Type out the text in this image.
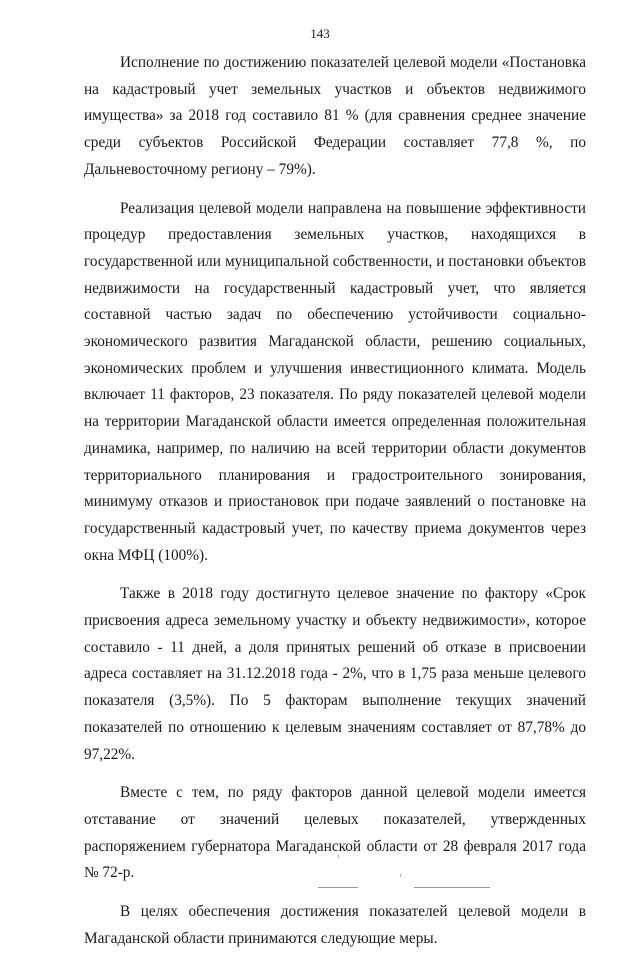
143

Исполнение по достижению показателей целевой модели «Постановка на кадастровый учет земельных участков и объектов недвижимого имущества» за 2018 год составило 81 % (для сравнения среднее значение среди субъектов Российской Федерации составляет 77,8 %, по Дальневосточному региону – 79%).

Реализация целевой модели направлена на повышение эффективности процедур предоставления земельных участков, находящихся в государственной или муниципальной собственности, и постановки объектов недвижимости на государственный кадастровый учет, что является составной частью задач по обеспечению устойчивости социально-экономического развития Магаданской области, решению социальных, экономических проблем и улучшения инвестиционного климата. Модель включает 11 факторов, 23 показателя. По ряду показателей целевой модели на территории Магаданской области имеется определенная положительная динамика, например, по наличию на всей территории области документов территориального планирования и градостроительного зонирования, минимуму отказов и приостановок при подаче заявлений о постановке на государственный кадастровый учет, по качеству приема документов через окна МФЦ (100%).

Также в 2018 году достигнуто целевое значение по фактору «Срок присвоения адреса земельному участку и объекту недвижимости», которое составило - 11 дней, а доля принятых решений об отказе в присвоении адреса составляет на 31.12.2018 года - 2%, что в 1,75 раза меньше целевого показателя (3,5%). По 5 факторам выполнение текущих значений показателей по отношению к целевым значениям составляет от 87,78% до 97,22%.

Вместе с тем, по ряду факторов данной целевой модели имеется отставание от значений целевых показателей, утвержденных распоряжением губернатора Магаданской области от 28 февраля 2017 года № 72-р.

В целях обеспечения достижения показателей целевой модели в Магаданской области принимаются следующие меры.
